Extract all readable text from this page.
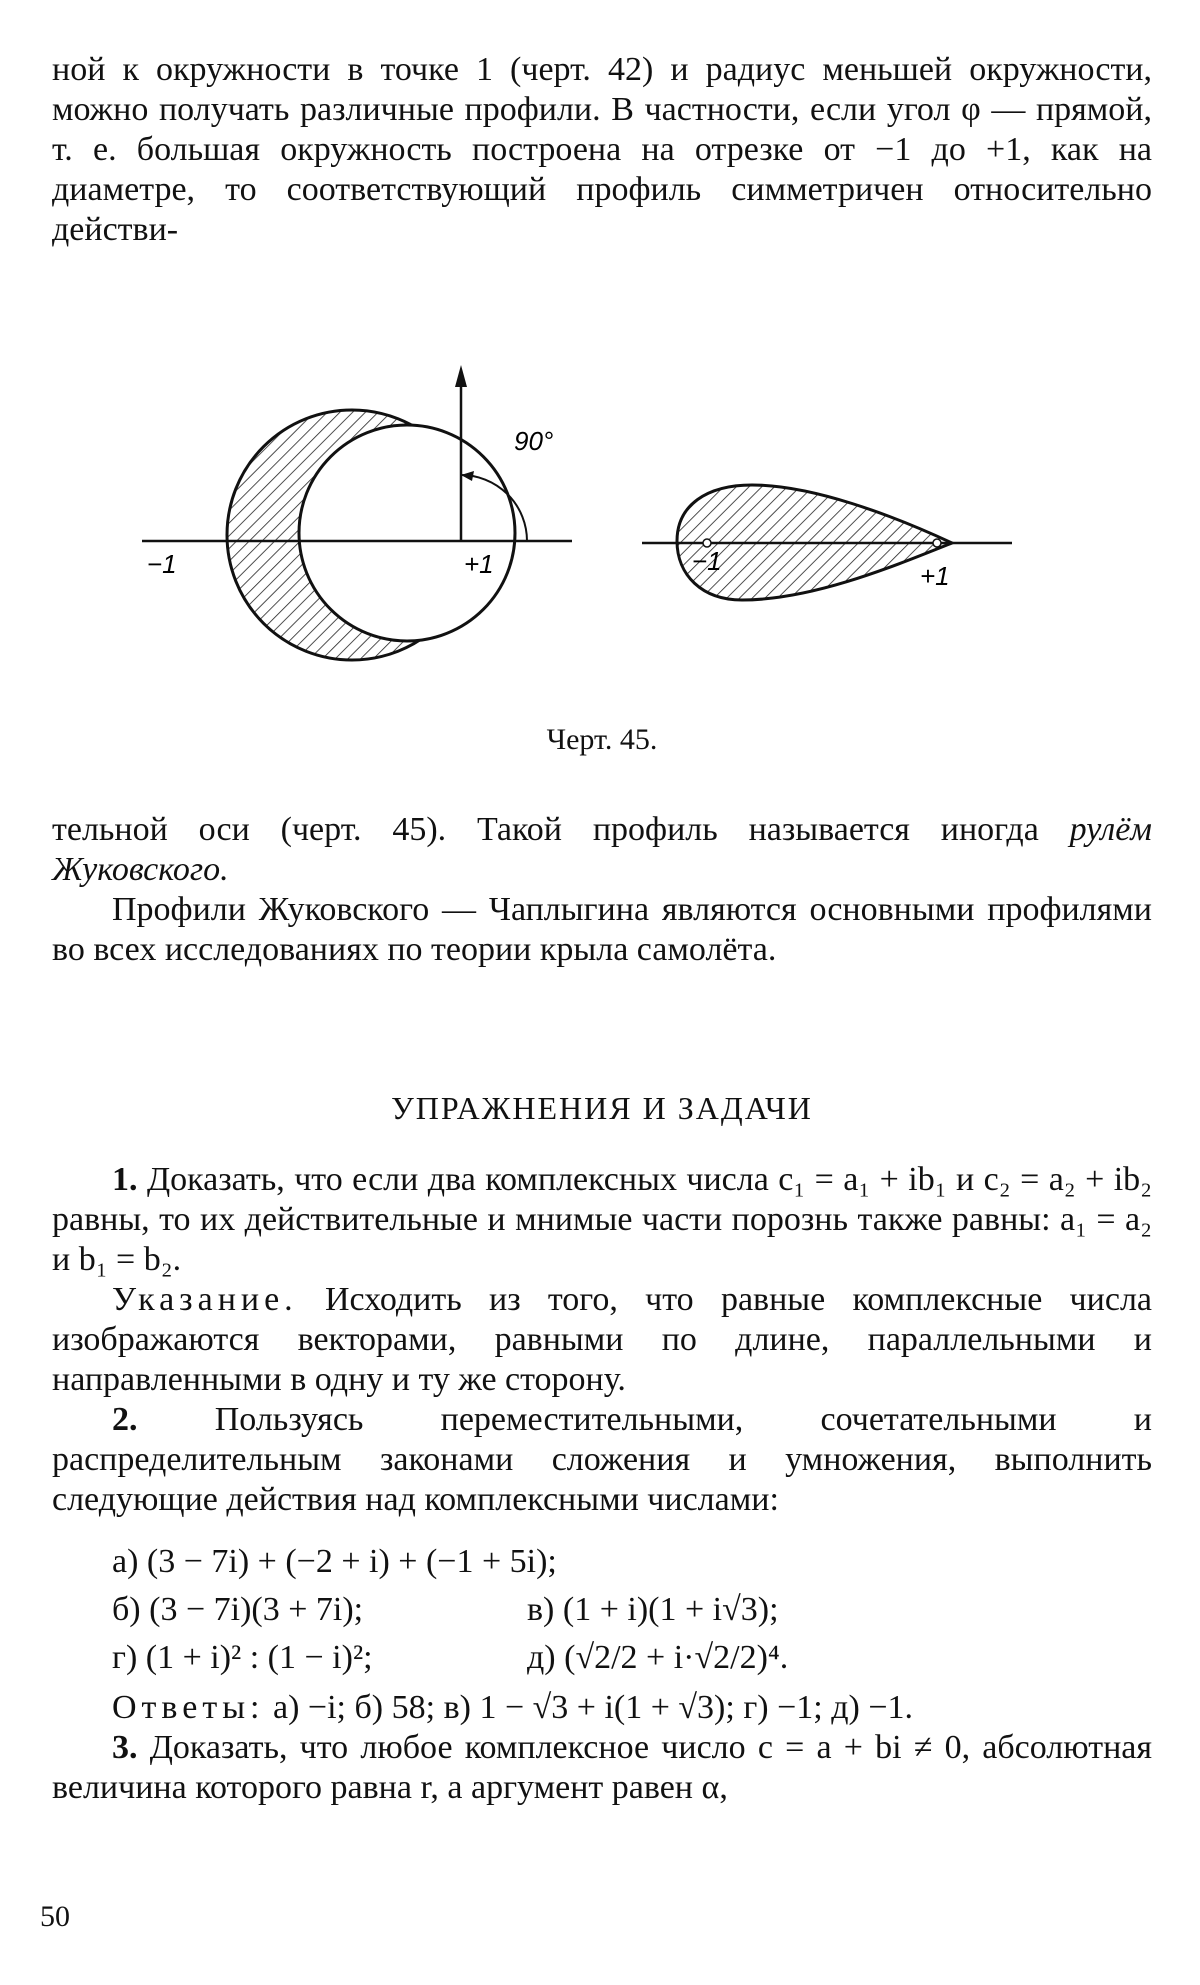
ной к окружности в точке 1 (черт. 42) и радиус меньшей окружности, можно получать различные профили. В частности, если угол φ — прямой, т. е. большая окружность построена на отрезке от −1 до +1, как на диаметре, то соответствующий профиль симметричен относительно действи-

90°
−1	+1	−1	+1
Черт. 45.

тельной оси (черт. 45). Такой профиль называется иногда рулём Жуковского.

Профили Жуковского — Чаплыгина являются основными профилями во всех исследованиях по теории крыла самолёта.

УПРАЖНЕНИЯ И ЗАДАЧИ

1. Доказать, что если два комплексных числа c₁ = a₁ + ib₁ и c₂ = a₂ + ib₂ равны, то их действительные и мнимые части порознь также равны: a₁ = a₂ и b₁ = b₂.

Указание. Исходить из того, что равные комплексные числа изображаются векторами, равными по длине, параллельными и направленными в одну и ту же сторону.

2. Пользуясь переместительными, сочетательными и распределительным законами сложения и умножения, выполнить следующие действия над комплексными числами:

а) (3 − 7i) + (−2 + i) + (−1 + 5i);
б) (3 − 7i)(3 + 7i);	в) (1 + i)(1 + i√3);
г) (1 + i)² : (1 − i)²;	д) (√2/2 + i·√2/2)⁴.

Ответы: а) −i; б) 58; в) 1 − √3 + i(1 + √3); г) −1; д) −1.

3. Доказать, что любое комплексное число c = a + bi ≠ 0, абсолютная величина которого равна r, а аргумент равен α,

50
